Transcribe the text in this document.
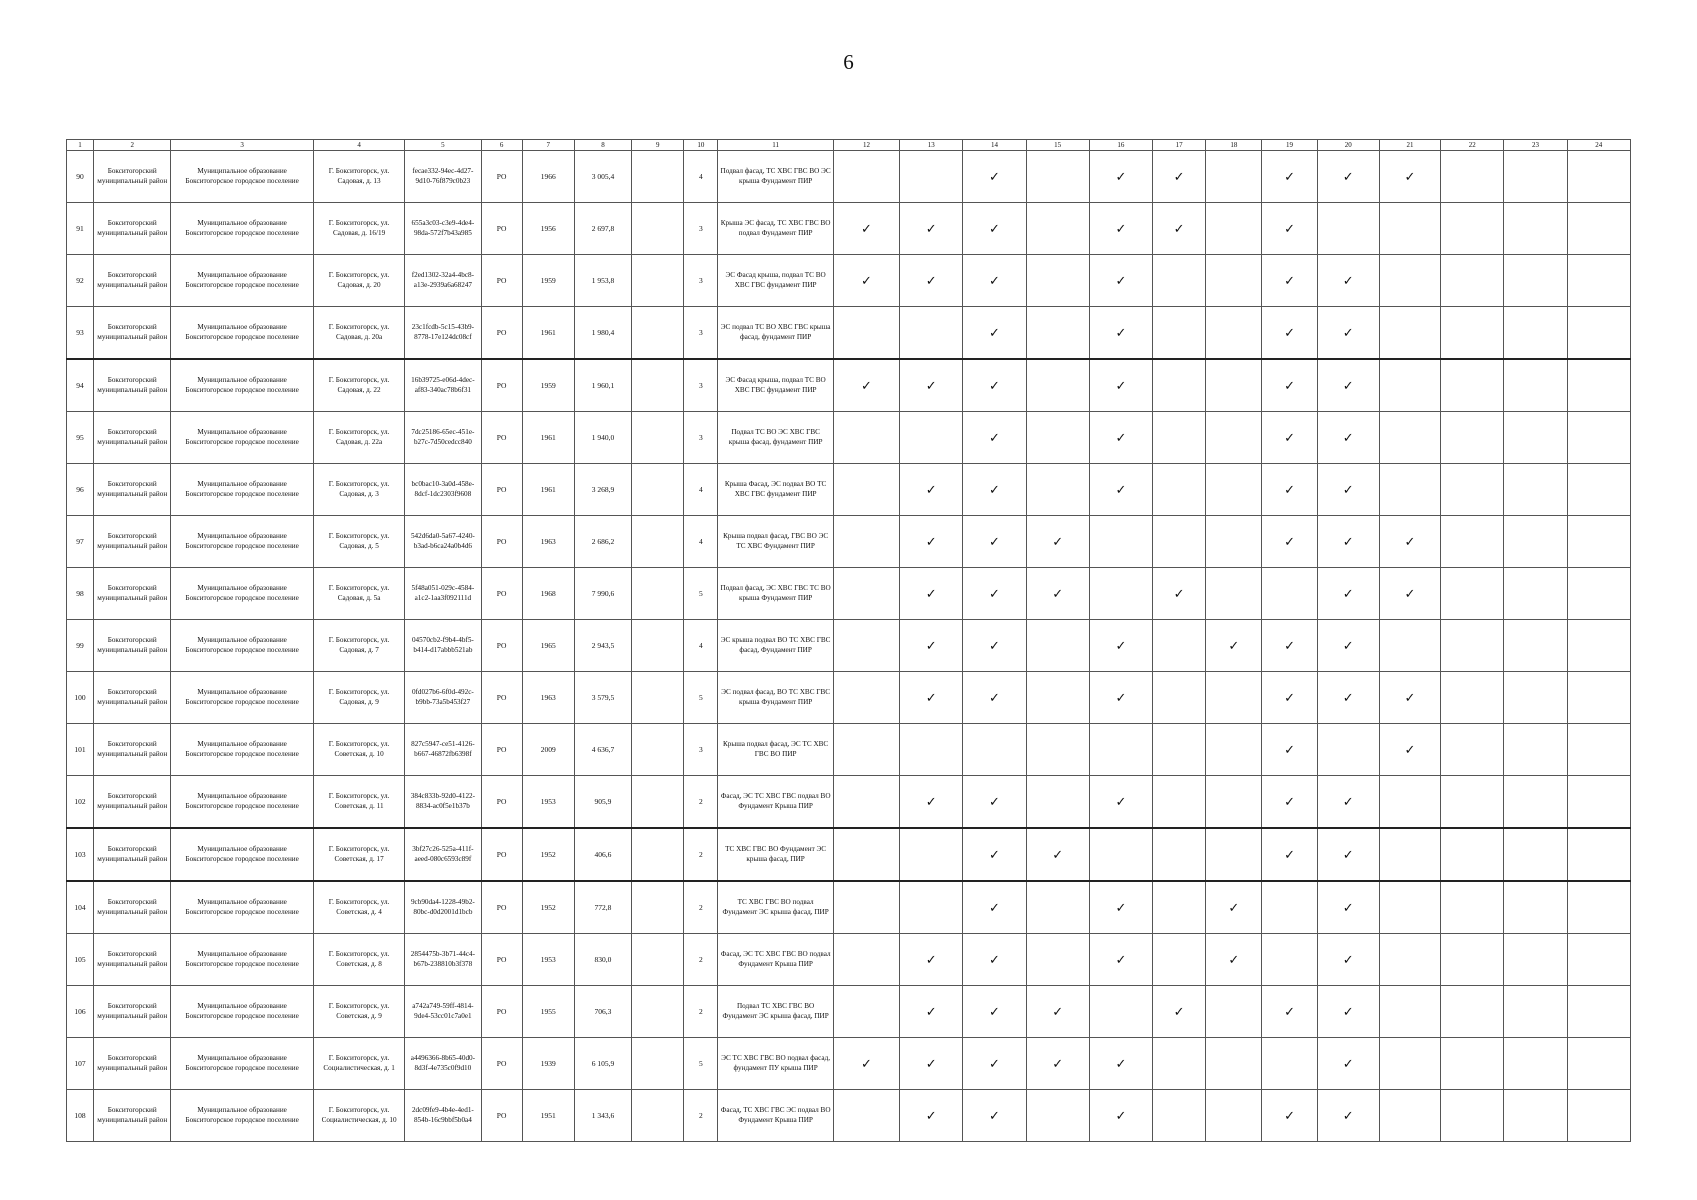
6
1	2	3	4	5	6	7	8	9	10	11	12	13	14	15	16	17	18	19	20	21	22	23	24
90	Бокситогорский муниципальный район	Муниципальное образование Бокситогорское городское поселение	Г. Бокситогорск, ул. Садовая, д. 13	fecae332-94ec-4d27-9d10-76f879c0b23	РО	1966	3 005,4		4	Подвал фасад, ТС ХВС ГВС ВО ЭС крыша Фундамент ПИР			✓		✓	✓		✓	✓	✓			
91	Бокситогорский муниципальный район	Муниципальное образование Бокситогорское городское поселение	Г. Бокситогорск, ул. Садовая, д. 16/19	655a3c03-c3e9-4de4-98da-572f7b43a985	РО	1956	2 697,8		3	Крыша ЭС фасад, ТС ХВС ГВС ВО подвал Фундамент ПИР	✓	✓	✓		✓	✓		✓					
92	Бокситогорский муниципальный район	Муниципальное образование Бокситогорское городское поселение	Г. Бокситогорск, ул. Садовая, д. 20	f2ed1302-32a4-4bc8-a13e-2939a6a68247	РО	1959	1 953,8		3	ЭС Фасад крыша, подвал ТС ВО ХВС ГВС фундамент ПИР	✓	✓	✓		✓			✓	✓				
93	Бокситогорский муниципальный район	Муниципальное образование Бокситогорское городское поселение	Г. Бокситогорск, ул. Садовая, д. 20а	23c1fcdb-5c15-43b9-8778-17e124dc08cf	РО	1961	1 980,4		3	ЭС подвал ТС ВО ХВС ГВС крыша фасад, фундамент ПИР			✓		✓			✓	✓				
94	Бокситогорский муниципальный район	Муниципальное образование Бокситогорское городское поселение	Г. Бокситогорск, ул. Садовая, д. 22	16b39725-e06d-4dec-af83-340ac78b6f31	РО	1959	1 960,1		3	ЭС Фасад крыша, подвал ТС ВО ХВС ГВС фундамент ПИР	✓	✓	✓		✓			✓	✓				
95	Бокситогорский муниципальный район	Муниципальное образование Бокситогорское городское поселение	Г. Бокситогорск, ул. Садовая, д. 22а	7dc25186-65ec-451e-b27c-7d50cedcc840	РО	1961	1 940,0		3	Подвал ТС ВО ЭС ХВС ГВС крыша фасад, фундамент ПИР			✓		✓			✓	✓				
96	Бокситогорский муниципальный район	Муниципальное образование Бокситогорское городское поселение	Г. Бокситогорск, ул. Садовая, д. 3	bc0bac10-3a0d-458e-8dcf-1dc2303f9608	РО	1961	3 268,9		4	Крыша Фасад, ЭС подвал ВО ТС ХВС ГВС фундамент ПИР		✓	✓		✓			✓	✓				
97	Бокситогорский муниципальный район	Муниципальное образование Бокситогорское городское поселение	Г. Бокситогорск, ул. Садовая, д. 5	542d6da0-5a67-4240-b3ad-b6ca24a0b4d6	РО	1963	2 686,2		4	Крыша подвал фасад, ГВС ВО ЭС ТС ХВС Фундамент ПИР		✓	✓	✓				✓	✓	✓			
98	Бокситогорский муниципальный район	Муниципальное образование Бокситогорское городское поселение	Г. Бокситогорск, ул. Садовая, д. 5а	5f48a051-029c-4584-a1c2-1aa3f092111d	РО	1968	7 990,6		5	Подвал фасад, ЭС ХВС ГВС ТС ВО крыша Фундамент ПИР		✓	✓	✓		✓			✓	✓			
99	Бокситогорский муниципальный район	Муниципальное образование Бокситогорское городское поселение	Г. Бокситогорск, ул. Садовая, д. 7	04570cb2-f9b4-4bf5-b414-d17abbb521ab	РО	1965	2 943,5		4	ЭС крыша подвал ВО ТС ХВС ГВС фасад, Фундамент ПИР		✓	✓		✓		✓	✓	✓				
100	Бокситогорский муниципальный район	Муниципальное образование Бокситогорское городское поселение	Г. Бокситогорск, ул. Садовая, д. 9	0fd027b6-6f0d-492c-b9bb-73a5b453f27	РО	1963	3 579,5		5	ЭС подвал фасад, ВО ТС ХВС ГВС крыша Фундамент ПИР		✓	✓		✓			✓	✓	✓			
101	Бокситогорский муниципальный район	Муниципальное образование Бокситогорское городское поселение	Г. Бокситогорск, ул. Советская, д. 10	827c5947-ce51-4126-b667-46872fb6398f	РО	2009	4 636,7		3	Крыша подвал фасад, ЭС ТС ХВС ГВС ВО ПИР								✓		✓			
102	Бокситогорский муниципальный район	Муниципальное образование Бокситогорское городское поселение	Г. Бокситогорск, ул. Советская, д. 11	384c833b-92d0-4122-8834-ac0f5e1b37b	РО	1953	905,9		2	Фасад, ЭС ТС ХВС ГВС подвал ВО Фундамент Крыша ПИР		✓	✓		✓			✓	✓				
103	Бокситогорский муниципальный район	Муниципальное образование Бокситогорское городское поселение	Г. Бокситогорск, ул. Советская, д. 17	3bf27c26-525a-411f-aeed-080c6593c89f	РО	1952	406,6		2	ТС ХВС ГВС ВО Фундамент ЭС крыша фасад, ПИР			✓	✓				✓	✓				
104	Бокситогорский муниципальный район	Муниципальное образование Бокситогорское городское поселение	Г. Бокситогорск, ул. Советская, д. 4	9cb90da4-1228-49b2-80bc-d0d2001d1bcb	РО	1952	772,8		2	ТС ХВС ГВС ВО подвал Фундамент ЭС крыша фасад, ПИР			✓		✓		✓		✓				
105	Бокситогорский муниципальный район	Муниципальное образование Бокситогорское городское поселение	Г. Бокситогорск, ул. Советская, д. 8	2854475b-3b71-44c4-b67b-238810b3f378	РО	1953	830,0		2	Фасад, ЭС ТС ХВС ГВС ВО подвал Фундамент Крыша ПИР		✓	✓		✓		✓		✓				
106	Бокситогорский муниципальный район	Муниципальное образование Бокситогорское городское поселение	Г. Бокситогорск, ул. Советская, д. 9	a742a749-59ff-4814-9de4-53cc01c7a0e1	РО	1955	706,3		2	Подвал ТС ХВС ГВС ВО Фундамент ЭС крыша фасад, ПИР		✓	✓	✓		✓		✓	✓				
107	Бокситогорский муниципальный район	Муниципальное образование Бокситогорское городское поселение	Г. Бокситогорск, ул. Социалистическая, д. 1	a4496366-8b65-40d0-8d3f-4e735c0f9d10	РО	1939	6 105,9		5	ЭС ТС ХВС ГВС ВО подвал фасад, фундамент ПУ крыша ПИР	✓	✓	✓	✓	✓				✓				
108	Бокситогорский муниципальный район	Муниципальное образование Бокситогорское городское поселение	Г. Бокситогорск, ул. Социалистическая, д. 10	2dc09fe9-4b4e-4ed1-854b-16c9bbf5b0a4	РО	1951	1 343,6		2	Фасад, ТС ХВС ГВС ЭС подвал ВО Фундамент Крыша ПИР		✓	✓		✓			✓	✓				
